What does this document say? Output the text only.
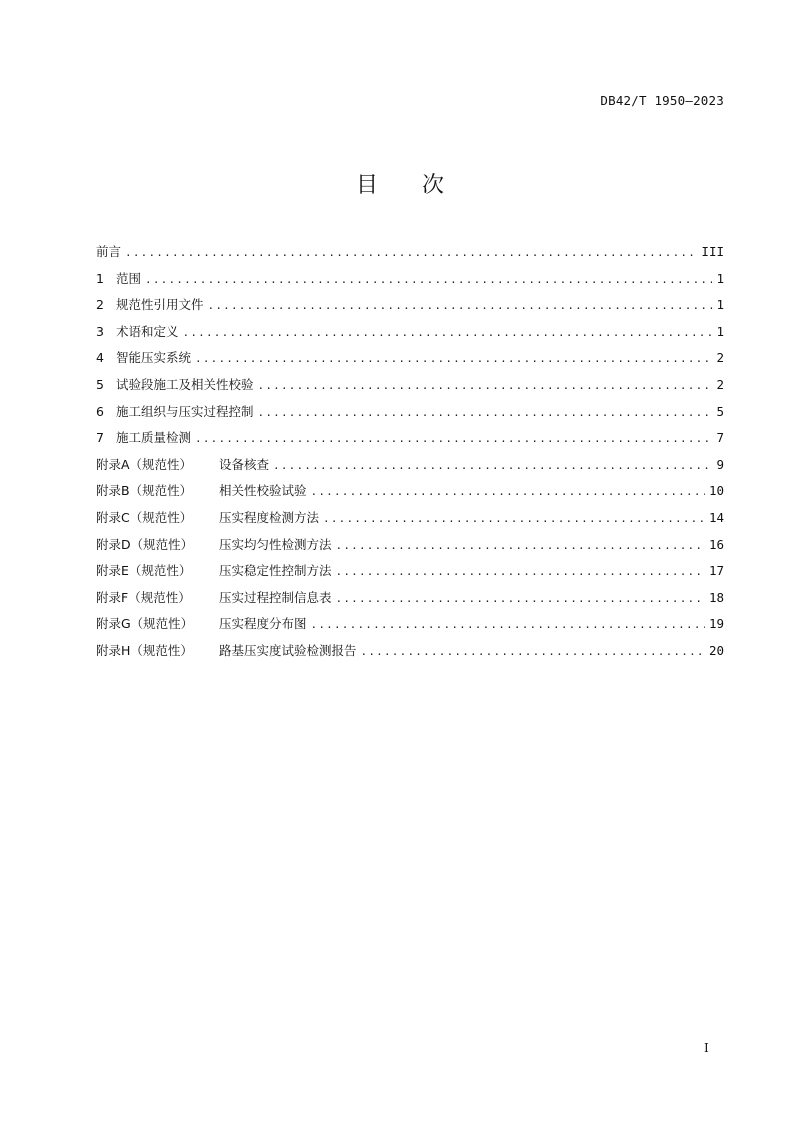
DB42/T 1950—2023
目 次
前言 .....	III
1 范围 .....	1
2 规范性引用文件 .....	1
3 术语和定义 .....	1
4 智能压实系统 .....	2
5 试验段施工及相关性校验 .....	2
6 施工组织与压实过程控制 .....	5
7 施工质量检测 .....	7
附录A（规范性）	设备核查 .....	9
附录B（规范性）	相关性校验试验 .....	10
附录C（规范性）	压实程度检测方法 .....	14
附录D（规范性）	压实均匀性检测方法 .....	16
附录E（规范性）	压实稳定性控制方法 .....	17
附录F（规范性）	压实过程控制信息表 .....	18
附录G（规范性）	压实程度分布图 .....	19
附录H（规范性）	路基压实度试验检测报告 .....	20
I
